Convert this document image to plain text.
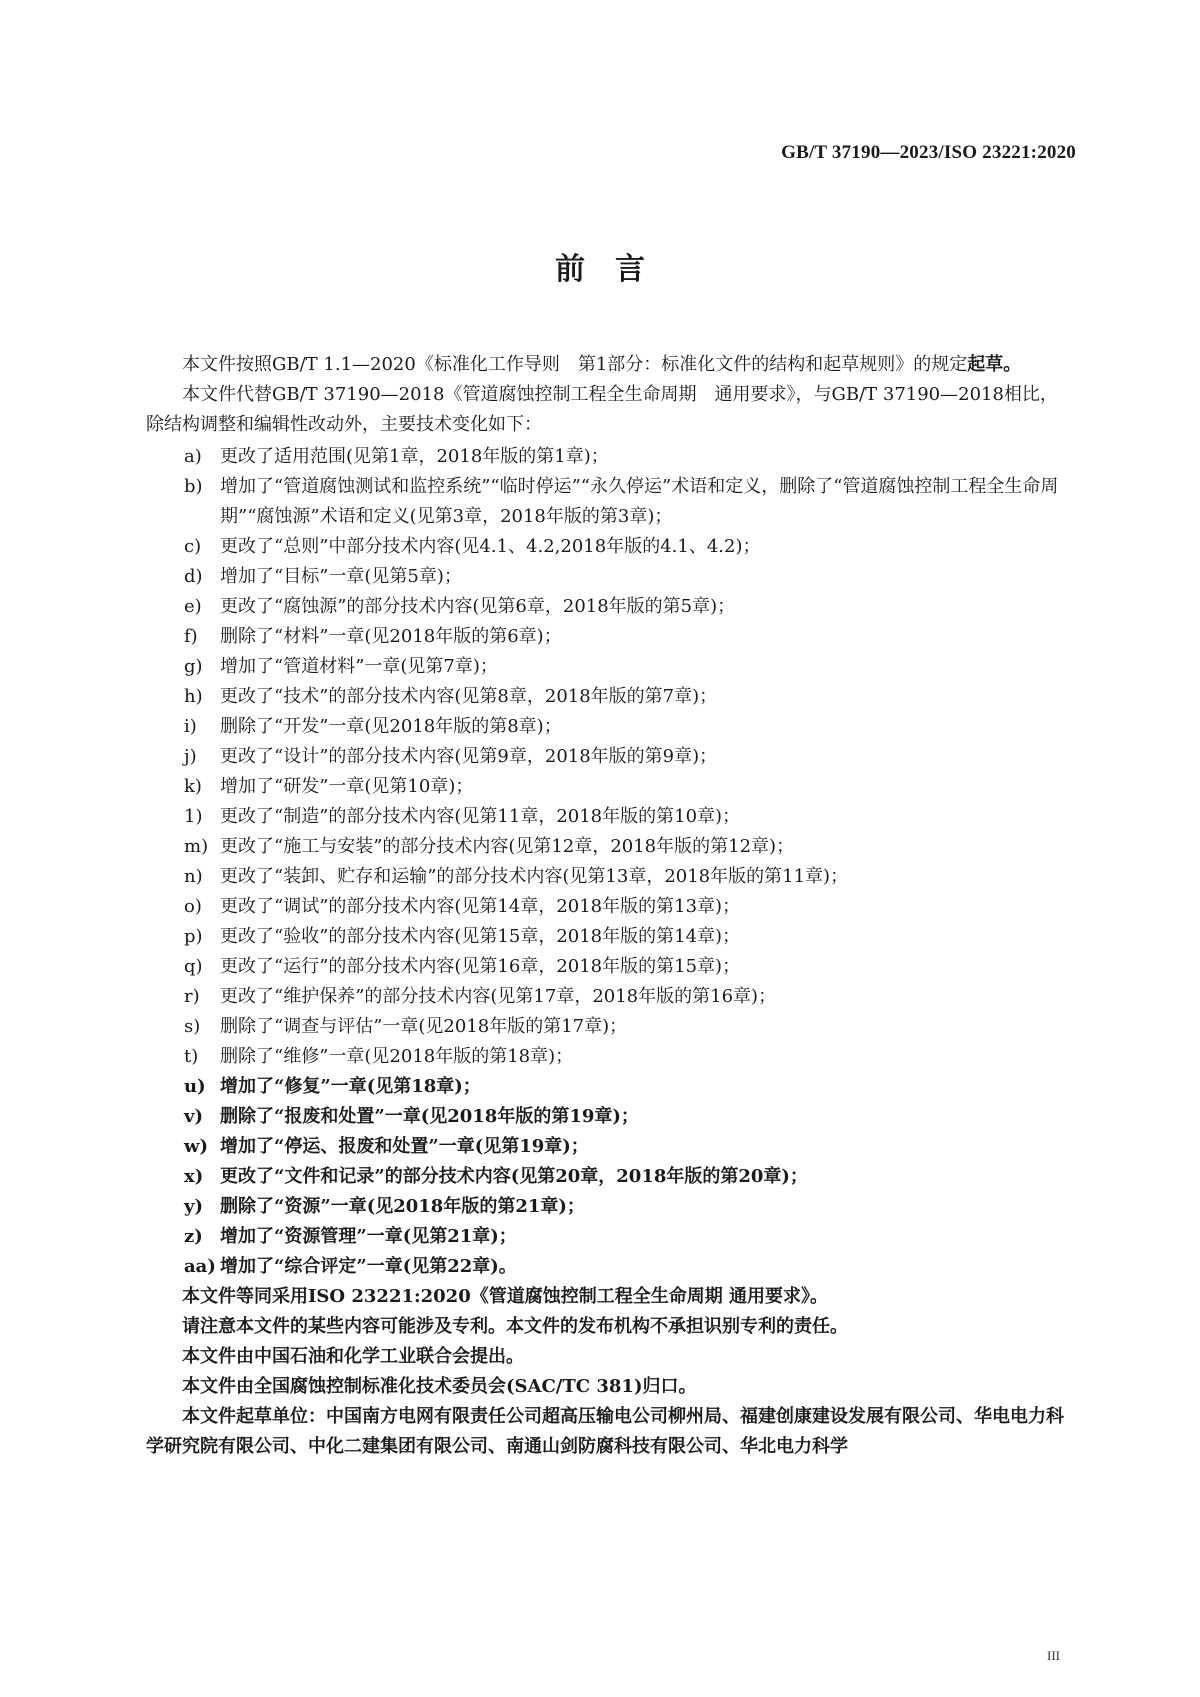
GB/T 37190—2023/ISO 23221:2020
前　言

本文件按照GB/T 1.1—2020《标准化工作导则　第1部分：标准化文件的结构和起草规则》的规定起草。

本文件代替GB/T 37190—2018《管道腐蚀控制工程全生命周期　通用要求》，与GB/T 37190—2018相比，除结构调整和编辑性改动外，主要技术变化如下：

a)	更改了适用范围(见第1章，2018年版的第1章)；
b) 增加了“管道腐蚀测试和监控系统”“临时停运”“永久停运”术语和定义，删除了“管道腐蚀控制工程全生命周期”“腐蚀源”术语和定义(见第3章，2018年版的第3章)；
c)	更改了“总则”中部分技术内容(见4.1、4.2,2018年版的4.1、4.2)；
d) 增加了“目标”一章(见第5章)；
e)	更改了“腐蚀源”的部分技术内容(见第6章，2018年版的第5章)；
f)	删除了“材料”一章(见2018年版的第6章)；
g) 增加了“管道材料”一章(见第7章)；
h) 更改了“技术”的部分技术内容(见第8章，2018年版的第7章)；
i)	删除了“开发”一章(见2018年版的第8章)；
j)	更改了“设计”的部分技术内容(见第9章，2018年版的第9章)；
k)	增加了“研发”一章(见第10章)；
1) 更改了“制造”的部分技术内容(见第11章，2018年版的第10章)；
m) 更改了“施工与安装”的部分技术内容(见第12章，2018年版的第12章)；
n) 更改了“装卸、贮存和运输”的部分技术内容(见第13章，2018年版的第11章)；
o)	更改了“调试”的部分技术内容(见第14章，2018年版的第13章)；
p) 更改了“验收”的部分技术内容(见第15章，2018年版的第14章)；
q) 更改了“运行”的部分技术内容(见第16章，2018年版的第15章)；
r)	更改了“维护保养”的部分技术内容(见第17章，2018年版的第16章)；
s)	删除了“调查与评估”一章(见2018年版的第17章)；
t)	删除了“维修”一章(见2018年版的第18章)；
u) 增加了“修复”一章(见第18章)；
v) 删除了“报废和处置”一章(见2018年版的第19章)；
w) 增加了“停运、报废和处置”一章(见第19章)；
x) 更改了“文件和记录”的部分技术内容(见第20章，2018年版的第20章)；
y) 删除了“资源”一章(见2018年版的第21章)；
z) 增加了“资源管理”一章(见第21章)；
aa) 增加了“综合评定”一章(见第22章)。

本文件等同采用ISO 23221:2020《管道腐蚀控制工程全生命周期 通用要求》。

请注意本文件的某些内容可能涉及专利。本文件的发布机构不承担识别专利的责任。

本文件由中国石油和化学工业联合会提出。

本文件由全国腐蚀控制标准化技术委员会(SAC/TC 381)归口。

本文件起草单位：中国南方电网有限责任公司超高压输电公司柳州局、福建创康建设发展有限公司、华电电力科学研究院有限公司、中化二建集团有限公司、南通山剑防腐科技有限公司、华北电力科学

III
